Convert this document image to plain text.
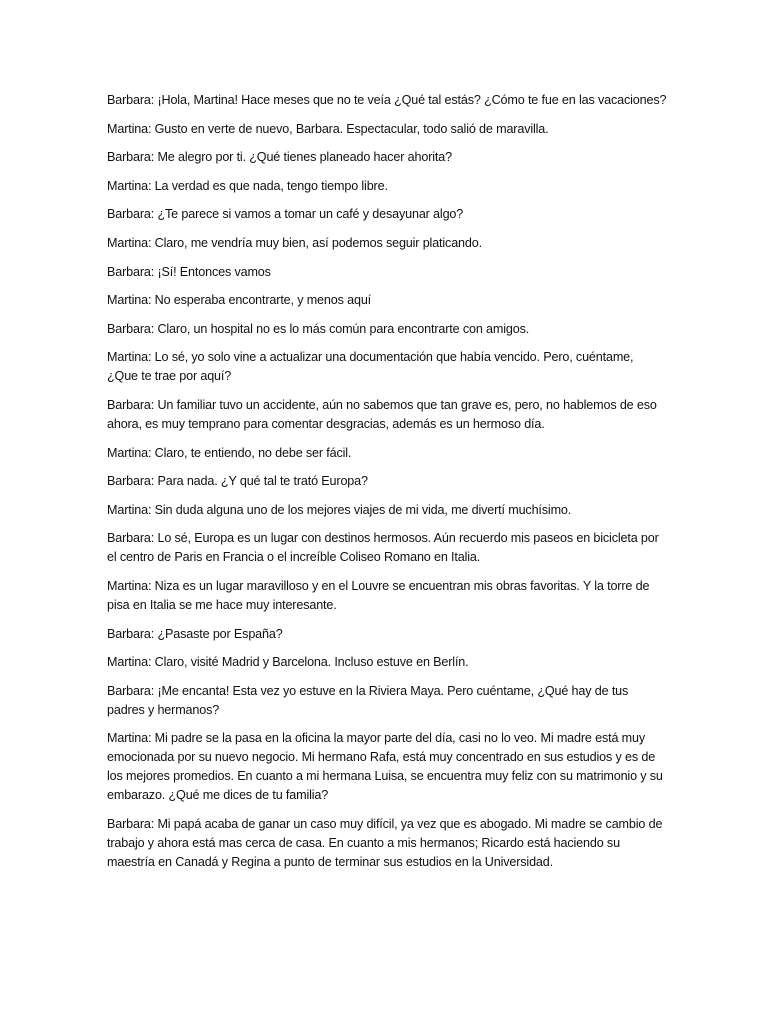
Barbara: ¡Hola, Martina! Hace meses que no te veía ¿Qué tal estás? ¿Cómo te fue en las vacaciones?

Martina: Gusto en verte de nuevo, Barbara. Espectacular, todo salió de maravilla.

Barbara: Me alegro por ti. ¿Qué tienes planeado hacer ahorita?

Martina: La verdad es que nada, tengo tiempo libre.

Barbara: ¿Te parece si vamos a tomar un café y desayunar algo?

Martina: Claro, me vendría muy bien, así podemos seguir platicando.

Barbara: ¡Sí! Entonces vamos

Martina: No esperaba encontrarte, y menos aquí

Barbara: Claro, un hospital no es lo más común para encontrarte con amigos.

Martina: Lo sé, yo solo vine a actualizar una documentación que había vencido. Pero, cuéntame, ¿Que te trae por aquí?

Barbara: Un familiar tuvo un accidente, aún no sabemos que tan grave es, pero, no hablemos de eso ahora, es muy temprano para comentar desgracias, además es un hermoso día.

Martina: Claro, te entiendo, no debe ser fácil.

Barbara: Para nada. ¿Y qué tal te trató Europa?

Martina: Sin duda alguna uno de los mejores viajes de mi vida, me divertí muchísimo.

Barbara: Lo sé, Europa es un lugar con destinos hermosos. Aún recuerdo mis paseos en bicicleta por el centro de Paris en Francia o el increíble Coliseo Romano en Italia.

Martina: Niza es un lugar maravilloso y en el Louvre se encuentran mis obras favoritas. Y la torre de pisa en Italia se me hace muy interesante.

Barbara: ¿Pasaste por España?

Martina: Claro, visité Madrid y Barcelona. Incluso estuve en Berlín.

Barbara: ¡Me encanta! Esta vez yo estuve en la Riviera Maya. Pero cuéntame, ¿Qué hay de tus padres y hermanos?

Martina: Mi padre se la pasa en la oficina la mayor parte del día, casi no lo veo. Mi madre está muy emocionada por su nuevo negocio. Mi hermano Rafa, está muy concentrado en sus estudios y es de los mejores promedios. En cuanto a mi hermana Luisa, se encuentra muy feliz con su matrimonio y su embarazo. ¿Qué me dices de tu familia?

Barbara: Mi papá acaba de ganar un caso muy difícil, ya vez que es abogado. Mi madre se cambio de trabajo y ahora está mas cerca de casa. En cuanto a mis hermanos; Ricardo está haciendo su maestría en Canadá y Regina a punto de terminar sus estudios en la Universidad.
